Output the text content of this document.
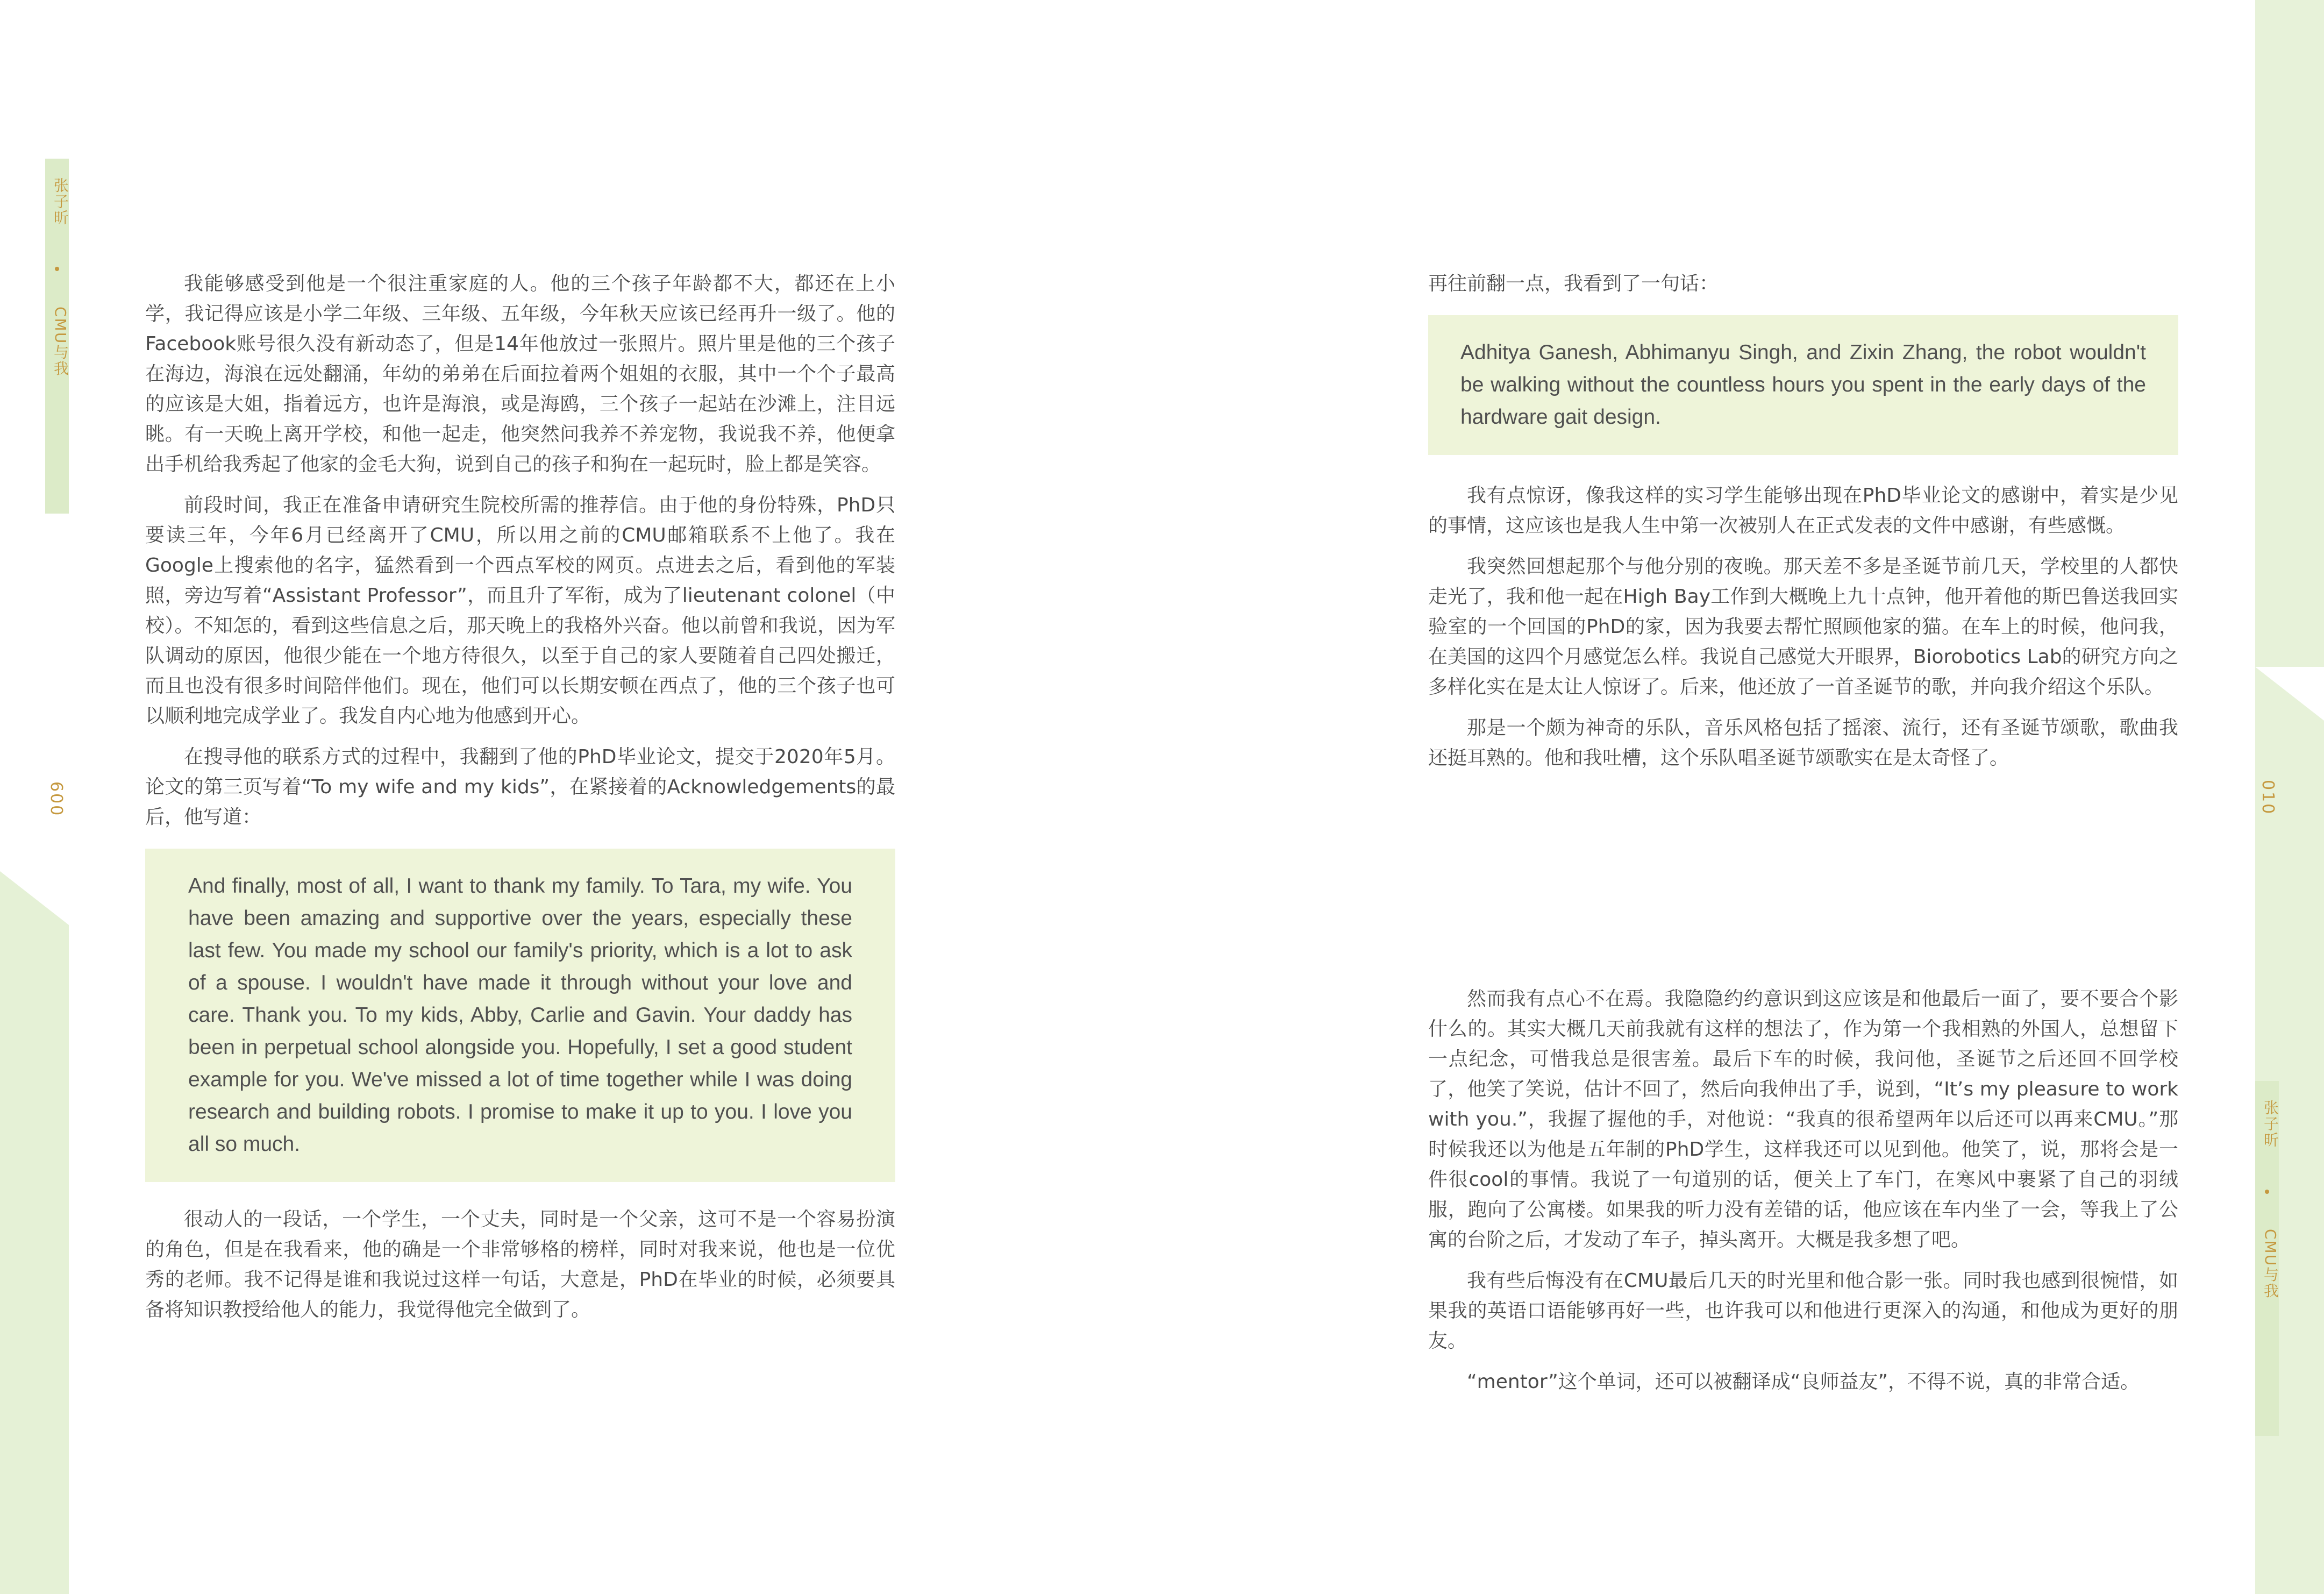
张子昕
CMU与我
009

我能够感受到他是一个很注重家庭的人。他的三个孩子年龄都不大，都还在上小学，我记得应该是小学二年级、三年级、五年级，今年秋天应该已经再升一级了。他的Facebook账号很久没有新动态了，但是14年他放过一张照片。照片里是他的三个孩子在海边，海浪在远处翻涌，年幼的弟弟在后面拉着两个姐姐的衣服，其中一个个子最高的应该是大姐，指着远方，也许是海浪，或是海鸥，三个孩子一起站在沙滩上，注目远眺。有一天晚上离开学校，和他一起走，他突然问我养不养宠物，我说我不养，他便拿出手机给我秀起了他家的金毛大狗，说到自己的孩子和狗在一起玩时，脸上都是笑容。

前段时间，我正在准备申请研究生院校所需的推荐信。由于他的身份特殊，PhD只要读三年，今年6月已经离开了CMU，所以用之前的CMU邮箱联系不上他了。我在Google上搜索他的名字，猛然看到一个西点军校的网页。点进去之后，看到他的军装照，旁边写着“Assistant Professor”，而且升了军衔，成为了lieutenant colonel（中校）。不知怎的，看到这些信息之后，那天晚上的我格外兴奋。他以前曾和我说，因为军队调动的原因，他很少能在一个地方待很久，以至于自己的家人要随着自己四处搬迁，而且也没有很多时间陪伴他们。现在，他们可以长期安顿在西点了，他的三个孩子也可以顺利地完成学业了。我发自内心地为他感到开心。

在搜寻他的联系方式的过程中，我翻到了他的PhD毕业论文，提交于2020年5月。论文的第三页写着“To my wife and my kids”，在紧接着的Acknowledgements的最后，他写道：

And finally, most of all, I want to thank my family. To Tara, my wife. You have been amazing and supportive over the years, especially these last few. You made my school our family's priority, which is a lot to ask of a spouse. I wouldn't have made it through without your love and care. Thank you. To my kids, Abby, Carlie and Gavin. Your daddy has been in perpetual school alongside you. Hopefully, I set a good student example for you. We've missed a lot of time together while I was doing research and building robots. I promise to make it up to you. I love you all so much.

很动人的一段话，一个学生，一个丈夫，同时是一个父亲，这可不是一个容易扮演的角色，但是在我看来，他的确是一个非常够格的榜样，同时对我来说，他也是一位优秀的老师。我不记得是谁和我说过这样一句话，大意是，PhD在毕业的时候，必须要具备将知识教授给他人的能力，我觉得他完全做到了。

张子昕
CMU与我
010

再往前翻一点，我看到了一句话：

Adhitya Ganesh, Abhimanyu Singh, and Zixin Zhang, the robot wouldn't be walking without the countless hours you spent in the early days of the hardware gait design.

我有点惊讶，像我这样的实习学生能够出现在PhD毕业论文的感谢中，着实是少见的事情，这应该也是我人生中第一次被别人在正式发表的文件中感谢，有些感慨。

我突然回想起那个与他分别的夜晚。那天差不多是圣诞节前几天，学校里的人都快走光了，我和他一起在High Bay工作到大概晚上九十点钟，他开着他的斯巴鲁送我回实验室的一个回国的PhD的家，因为我要去帮忙照顾他家的猫。在车上的时候，他问我，在美国的这四个月感觉怎么样。我说自己感觉大开眼界，Biorobotics Lab的研究方向之多样化实在是太让人惊讶了。后来，他还放了一首圣诞节的歌，并向我介绍这个乐队。

那是一个颇为神奇的乐队，音乐风格包括了摇滚、流行，还有圣诞节颂歌，歌曲我还挺耳熟的。他和我吐槽，这个乐队唱圣诞节颂歌实在是太奇怪了。

然而我有点心不在焉。我隐隐约约意识到这应该是和他最后一面了，要不要合个影什么的。其实大概几天前我就有这样的想法了，作为第一个我相熟的外国人，总想留下一点纪念，可惜我总是很害羞。最后下车的时候，我问他，圣诞节之后还回不回学校了，他笑了笑说，估计不回了，然后向我伸出了手，说到，“It’s my pleasure to work with you.”，我握了握他的手，对他说：“我真的很希望两年以后还可以再来CMU。”那时候我还以为他是五年制的PhD学生，这样我还可以见到他。他笑了，说，那将会是一件很cool的事情。我说了一句道别的话，便关上了车门，在寒风中裹紧了自己的羽绒服，跑向了公寓楼。如果我的听力没有差错的话，他应该在车内坐了一会，等我上了公寓的台阶之后，才发动了车子，掉头离开。大概是我多想了吧。

我有些后悔没有在CMU最后几天的时光里和他合影一张。同时我也感到很惋惜，如果我的英语口语能够再好一些，也许我可以和他进行更深入的沟通，和他成为更好的朋友。

“mentor”这个单词，还可以被翻译成“良师益友”，不得不说，真的非常合适。
